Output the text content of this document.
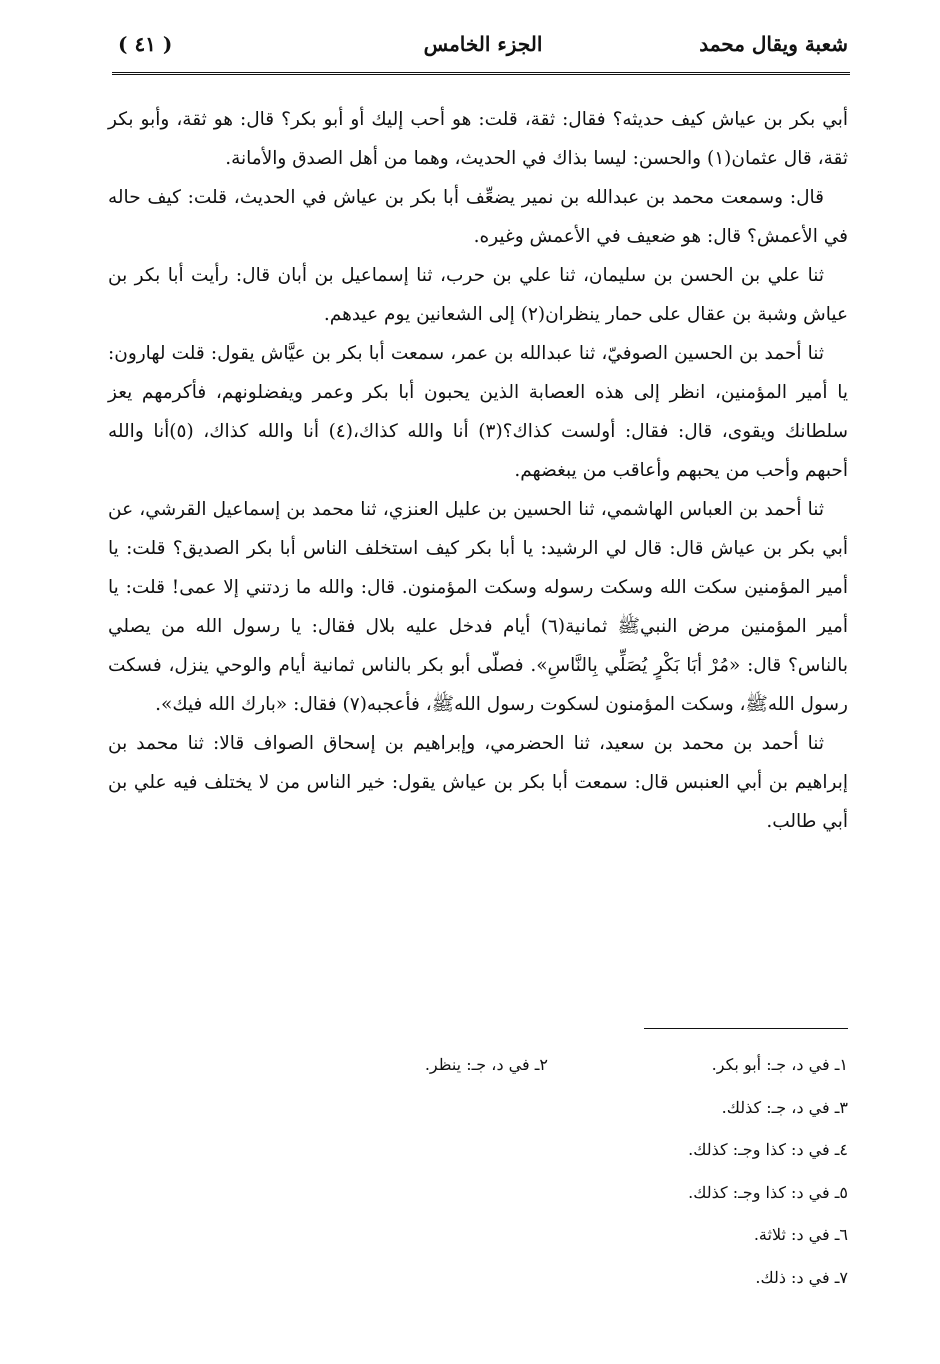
شعبة ويقال محمد
الجزء الخامس
( ٤١ )

أبي بكر بن عياش كيف حديثه؟ فقال: ثقة، قلت: هو أحب إليك أو أبو بكر؟ قال: هو ثقة، وأبو بكر ثقة، قال عثمان(١) والحسن: ليسا بذاك في الحديث، وهما من أهل الصدق والأمانة.

قال: وسمعت محمد بن عبدالله بن نمير يضعِّف أبا بكر بن عياش في الحديث، قلت: كيف حاله في الأعمش؟ قال: هو ضعيف في الأعمش وغيره.

ثنا علي بن الحسن بن سليمان، ثنا علي بن حرب، ثنا إسماعيل بن أبان قال: رأيت أبا بكر بن عياش وشبة بن عقال على حمار ينظران(٢) إلى الشعانين يوم عيدهم.

ثنا أحمد بن الحسين الصوفيّ، ثنا عبدالله بن عمر، سمعت أبا بكر بن عيَّاش يقول: قلت لهارون: يا أمير المؤمنين، انظر إلى هذه العصابة الذين يحبون أبا بكر وعمر ويفضلونهم، فأكرمهم يعز سلطانك ويقوى، قال: فقال: أولست كذاك؟(٣) أنا والله كذاك،(٤) أنا والله كذاك، (٥)أنا والله أحبهم وأحب من يحبهم وأعاقب من يبغضهم.

ثنا أحمد بن العباس الهاشمي، ثنا الحسين بن عليل العنزي، ثنا محمد بن إسماعيل القرشي، عن أبي بكر بن عياش قال: قال لي الرشيد: يا أبا بكر كيف استخلف الناس أبا بكر الصديق؟ قلت: يا أمير المؤمنين سكت الله وسكت رسوله وسكت المؤمنون. قال: والله ما زدتني إلا عمى! قلت: يا أمير المؤمنين مرض النبيﷺ ثمانية(٦) أيام فدخل عليه بلال فقال: يا رسول الله من يصلي بالناس؟ قال: «مُرْ أبَا بَكْرٍ يُصَلِّي بِالنَّاسِ». فصلّى أبو بكر بالناس ثمانية أيام والوحي ينزل، فسكت رسول اللهﷺ، وسكت المؤمنون لسكوت رسول اللهﷺ، فأعجبه(٧) فقال: «بارك الله فيك».

ثنا أحمد بن محمد بن سعيد، ثنا الحضرمي، وإبراهيم بن إسحاق الصواف قالا: ثنا محمد بن إبراهيم بن أبي العنبس قال: سمعت أبا بكر بن عياش يقول: خير الناس من لا يختلف فيه علي بن أبي طالب.

١ـ في د، جـ: أبو بكر.
٢ـ في د، جـ: ينظر.
٣ـ في د، جـ: كذلك.
٤ـ في د: كذا وجـ: كذلك.
٥ـ في د: كذا وجـ: كذلك.
٦ـ في د: ثلاثة.
٧ـ في د: ذلك.
